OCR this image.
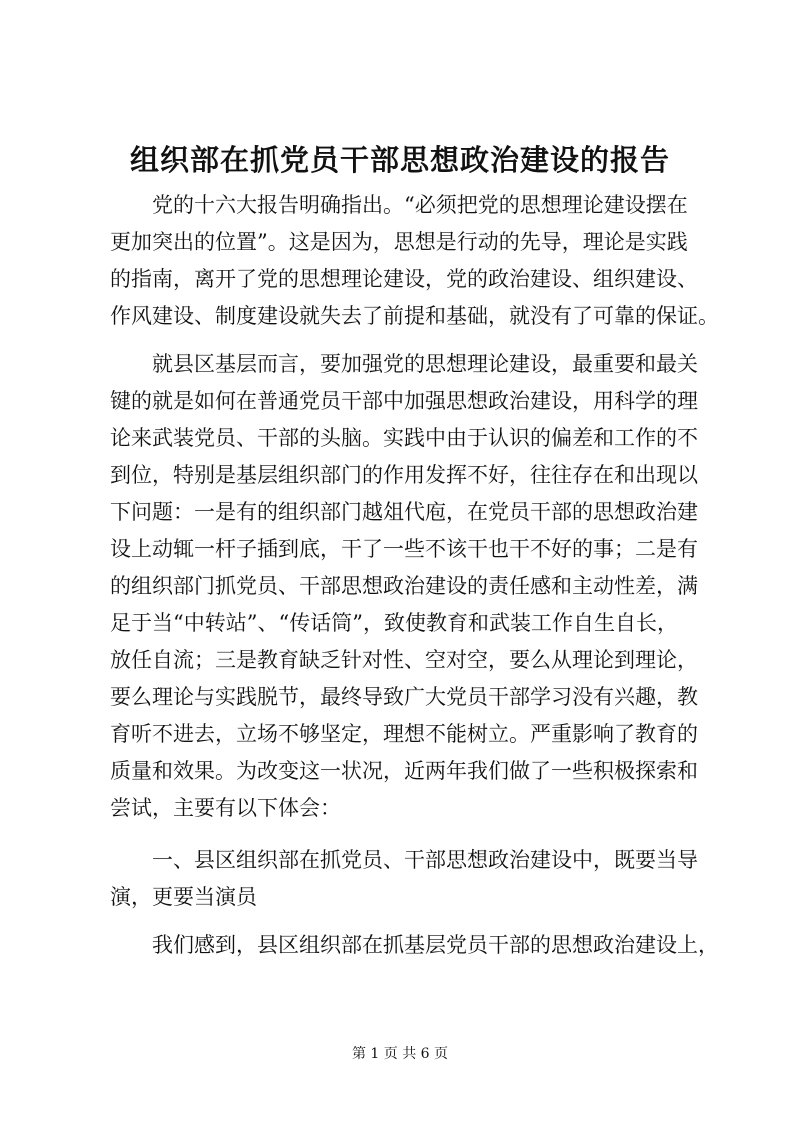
组织部在抓党员干部思想政治建设的报告
党的十六大报告明确指出。“必须把党的思想理论建设摆在
更加突出的位置”。这是因为，思想是行动的先导，理论是实践
的指南，离开了党的思想理论建设，党的政治建设、组织建设、
作风建设、制度建设就失去了前提和基础，就没有了可靠的保证。
就县区基层而言，要加强党的思想理论建设，最重要和最关
键的就是如何在普通党员干部中加强思想政治建设，用科学的理
论来武装党员、干部的头脑。实践中由于认识的偏差和工作的不
到位，特别是基层组织部门的作用发挥不好，往往存在和出现以
下问题：一是有的组织部门越俎代庖，在党员干部的思想政治建
设上动辄一杆子插到底，干了一些不该干也干不好的事；二是有
的组织部门抓党员、干部思想政治建设的责任感和主动性差，满
足于当“中转站”、“传话筒”，致使教育和武装工作自生自长，
放任自流；三是教育缺乏针对性、空对空，要么从理论到理论，
要么理论与实践脱节，最终导致广大党员干部学习没有兴趣，教
育听不进去，立场不够坚定，理想不能树立。严重影响了教育的
质量和效果。为改变这一状况，近两年我们做了一些积极探索和
尝试，主要有以下体会：
一、县区组织部在抓党员、干部思想政治建设中，既要当导
演，更要当演员
我们感到，县区组织部在抓基层党员干部的思想政治建设上，
第 1 页 共 6 页
